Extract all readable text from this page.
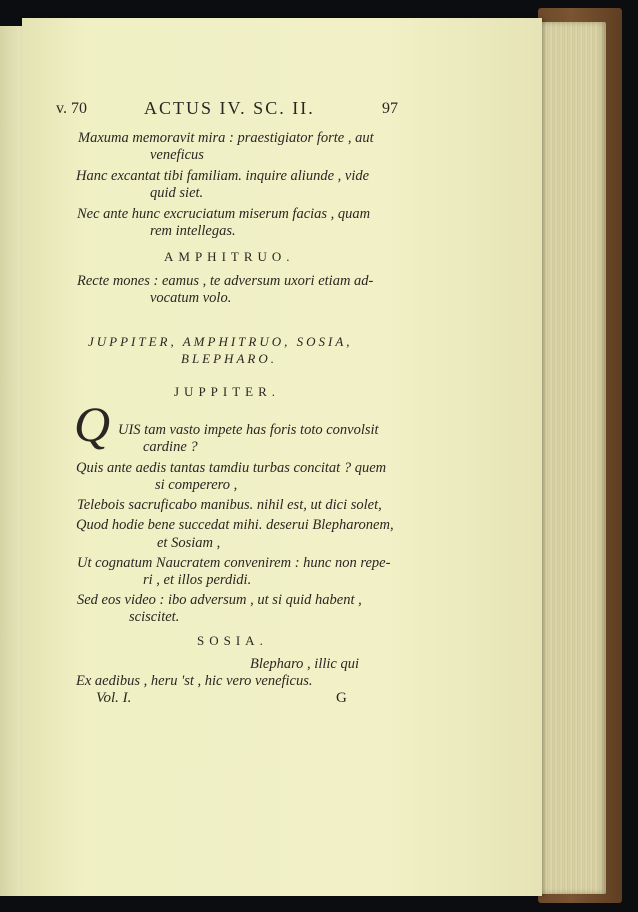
v. 70	ACTUS IV. SC. II.	97
Maxuma memoravit mira : praestigiator forte , aut
veneficus
Hanc excantat tibi familiam. inquire aliunde , vide
quid siet.
Nec ante hunc excruciatum miserum facias , quam
rem intellegas.
AMPHITRUO.
Recte mones : eamus , te adversum uxori etiam ad-
vocatum volo.
JUPPITER, AMPHITRUO, SOSIA,
BLEPHARO.
JUPPITER.
Q UIS tam vasto impete has foris toto convolsit
cardine ?
Quis ante aedis tantas tamdiu turbas concitat ? quem
si comperero ,
Telebois sacruficabo manibus. nihil est, ut dici solet,
Quod hodie bene succedat mihi. deserui Blepharonem,
et Sosiam ,
Ut cognatum Naucratem convenirem : hunc non repe-
ri , et illos perdidi.
Sed eos video : ibo adversum , ut si quid habent ,
sciscitet.
SOSIA.
Blepharo , illic qui
Ex aedibus , heru 'st , hic vero veneficus.
Vol. I.	G
